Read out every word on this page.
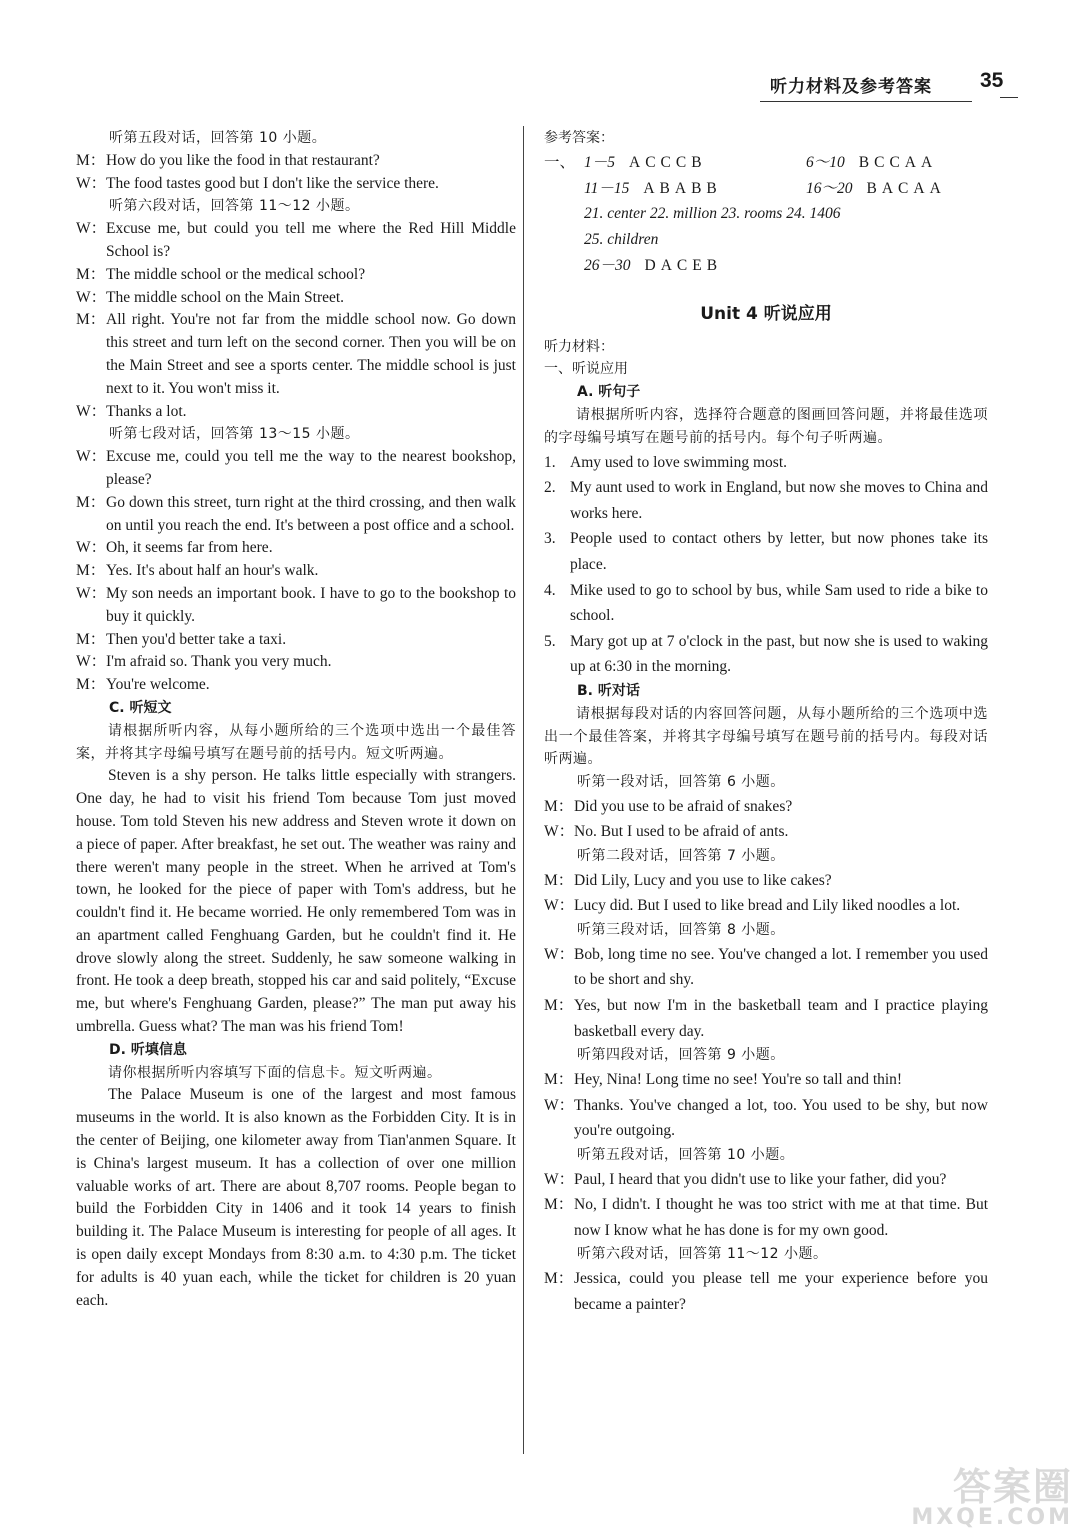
听力材料及参考答案 35
听第五段对话，回答第 10 小题。
M：How do you like the food in that restaurant?
W：The food tastes good but I don't like the service there.
听第六段对话，回答第 11～12 小题。
W：Excuse me, but could you tell me where the Red Hill Middle School is?
M：The middle school or the medical school?
W：The middle school on the Main Street.
M：All right. You're not far from the middle school now. Go down this street and turn left on the second corner. Then you will be on the Main Street and see a sports center. The middle school is just next to it. You won't miss it.
W：Thanks a lot.
听第七段对话，回答第 13～15 小题。
W：Excuse me, could you tell me the way to the nearest bookshop, please?
M：Go down this street, turn right at the third crossing, and then walk on until you reach the end. It's between a post office and a school.
W：Oh, it seems far from here.
M：Yes. It's about half an hour's walk.
W：My son needs an important book. I have to go to the bookshop to buy it quickly.
M：Then you'd better take a taxi.
W：I'm afraid so. Thank you very much.
M：You're welcome.
C. 听短文
请根据所听内容，从每小题所给的三个选项中选出一个最佳答案，并将其字母编号填写在题号前的括号内。短文听两遍。
Steven is a shy person. He talks little especially with strangers. One day, he had to visit his friend Tom because Tom just moved house. Tom told Steven his new address and Steven wrote it down on a piece of paper. After breakfast, he set out. The weather was rainy and there weren't many people in the street. When he arrived at Tom's town, he looked for the piece of paper with Tom's address, but he couldn't find it. He became worried. He only remembered Tom was in an apartment called Fenghuang Garden, but he couldn't find it. He drove slowly along the street. Suddenly, he saw someone walking in front. He took a deep breath, stopped his car and said politely, “Excuse me, but where's Fenghuang Garden, please?” The man put away his umbrella. Guess what? The man was his friend Tom!
D. 听填信息
请你根据所听内容填写下面的信息卡。短文听两遍。
The Palace Museum is one of the largest and most famous museums in the world. It is also known as the Forbidden City. It is in the center of Beijing, one kilometer away from Tian'anmen Square. It is China's largest museum. It has a collection of over one million valuable works of art. There are about 8,707 rooms. People began to build the Forbidden City in 1406 and it took 14 years to finish building it. The Palace Museum is interesting for people of all ages. It is open daily except Mondays from 8:30 a.m. to 4:30 p.m. The ticket for adults is 40 yuan each, while the ticket for children is 20 yuan each.
参考答案：
一、 1－5 ACCCB	6～10 BCCAA
11－15 ABABB	16～20 BACAA
21. center 22. million 23. rooms 24. 1406
25. children
26－30 DACEB
Unit 4 听说应用
听力材料：
一、听说应用
A. 听句子
请根据所听内容，选择符合题意的图画回答问题，并将最佳选项的字母编号填写在题号前的括号内。每个句子听两遍。
1. Amy used to love swimming most.
2. My aunt used to work in England, but now she moves to China and works here.
3. People used to contact others by letter, but now phones take its place.
4. Mike used to go to school by bus, while Sam used to ride a bike to school.
5. Mary got up at 7 o'clock in the past, but now she is used to waking up at 6:30 in the morning.
B. 听对话
请根据每段对话的内容回答问题，从每小题所给的三个选项中选出一个最佳答案，并将其字母编号填写在题号前的括号内。每段对话听两遍。
听第一段对话，回答第 6 小题。
M：Did you use to be afraid of snakes?
W：No. But I used to be afraid of ants.
听第二段对话，回答第 7 小题。
M：Did Lily, Lucy and you use to like cakes?
W：Lucy did. But I used to like bread and Lily liked noodles a lot.
听第三段对话，回答第 8 小题。
W：Bob, long time no see. You've changed a lot. I remember you used to be short and shy.
M：Yes, but now I'm in the basketball team and I practice playing basketball every day.
听第四段对话，回答第 9 小题。
M：Hey, Nina! Long time no see! You're so tall and thin!
W：Thanks. You've changed a lot, too. You used to be shy, but now you're outgoing.
听第五段对话，回答第 10 小题。
W：Paul, I heard that you didn't use to like your father, did you?
M：No, I didn't. I thought he was too strict with me at that time. But now I know what he has done is for my own good.
听第六段对话，回答第 11～12 小题。
M：Jessica, could you please tell me your experience before you became a painter?
答案圈
MXQE.COM
